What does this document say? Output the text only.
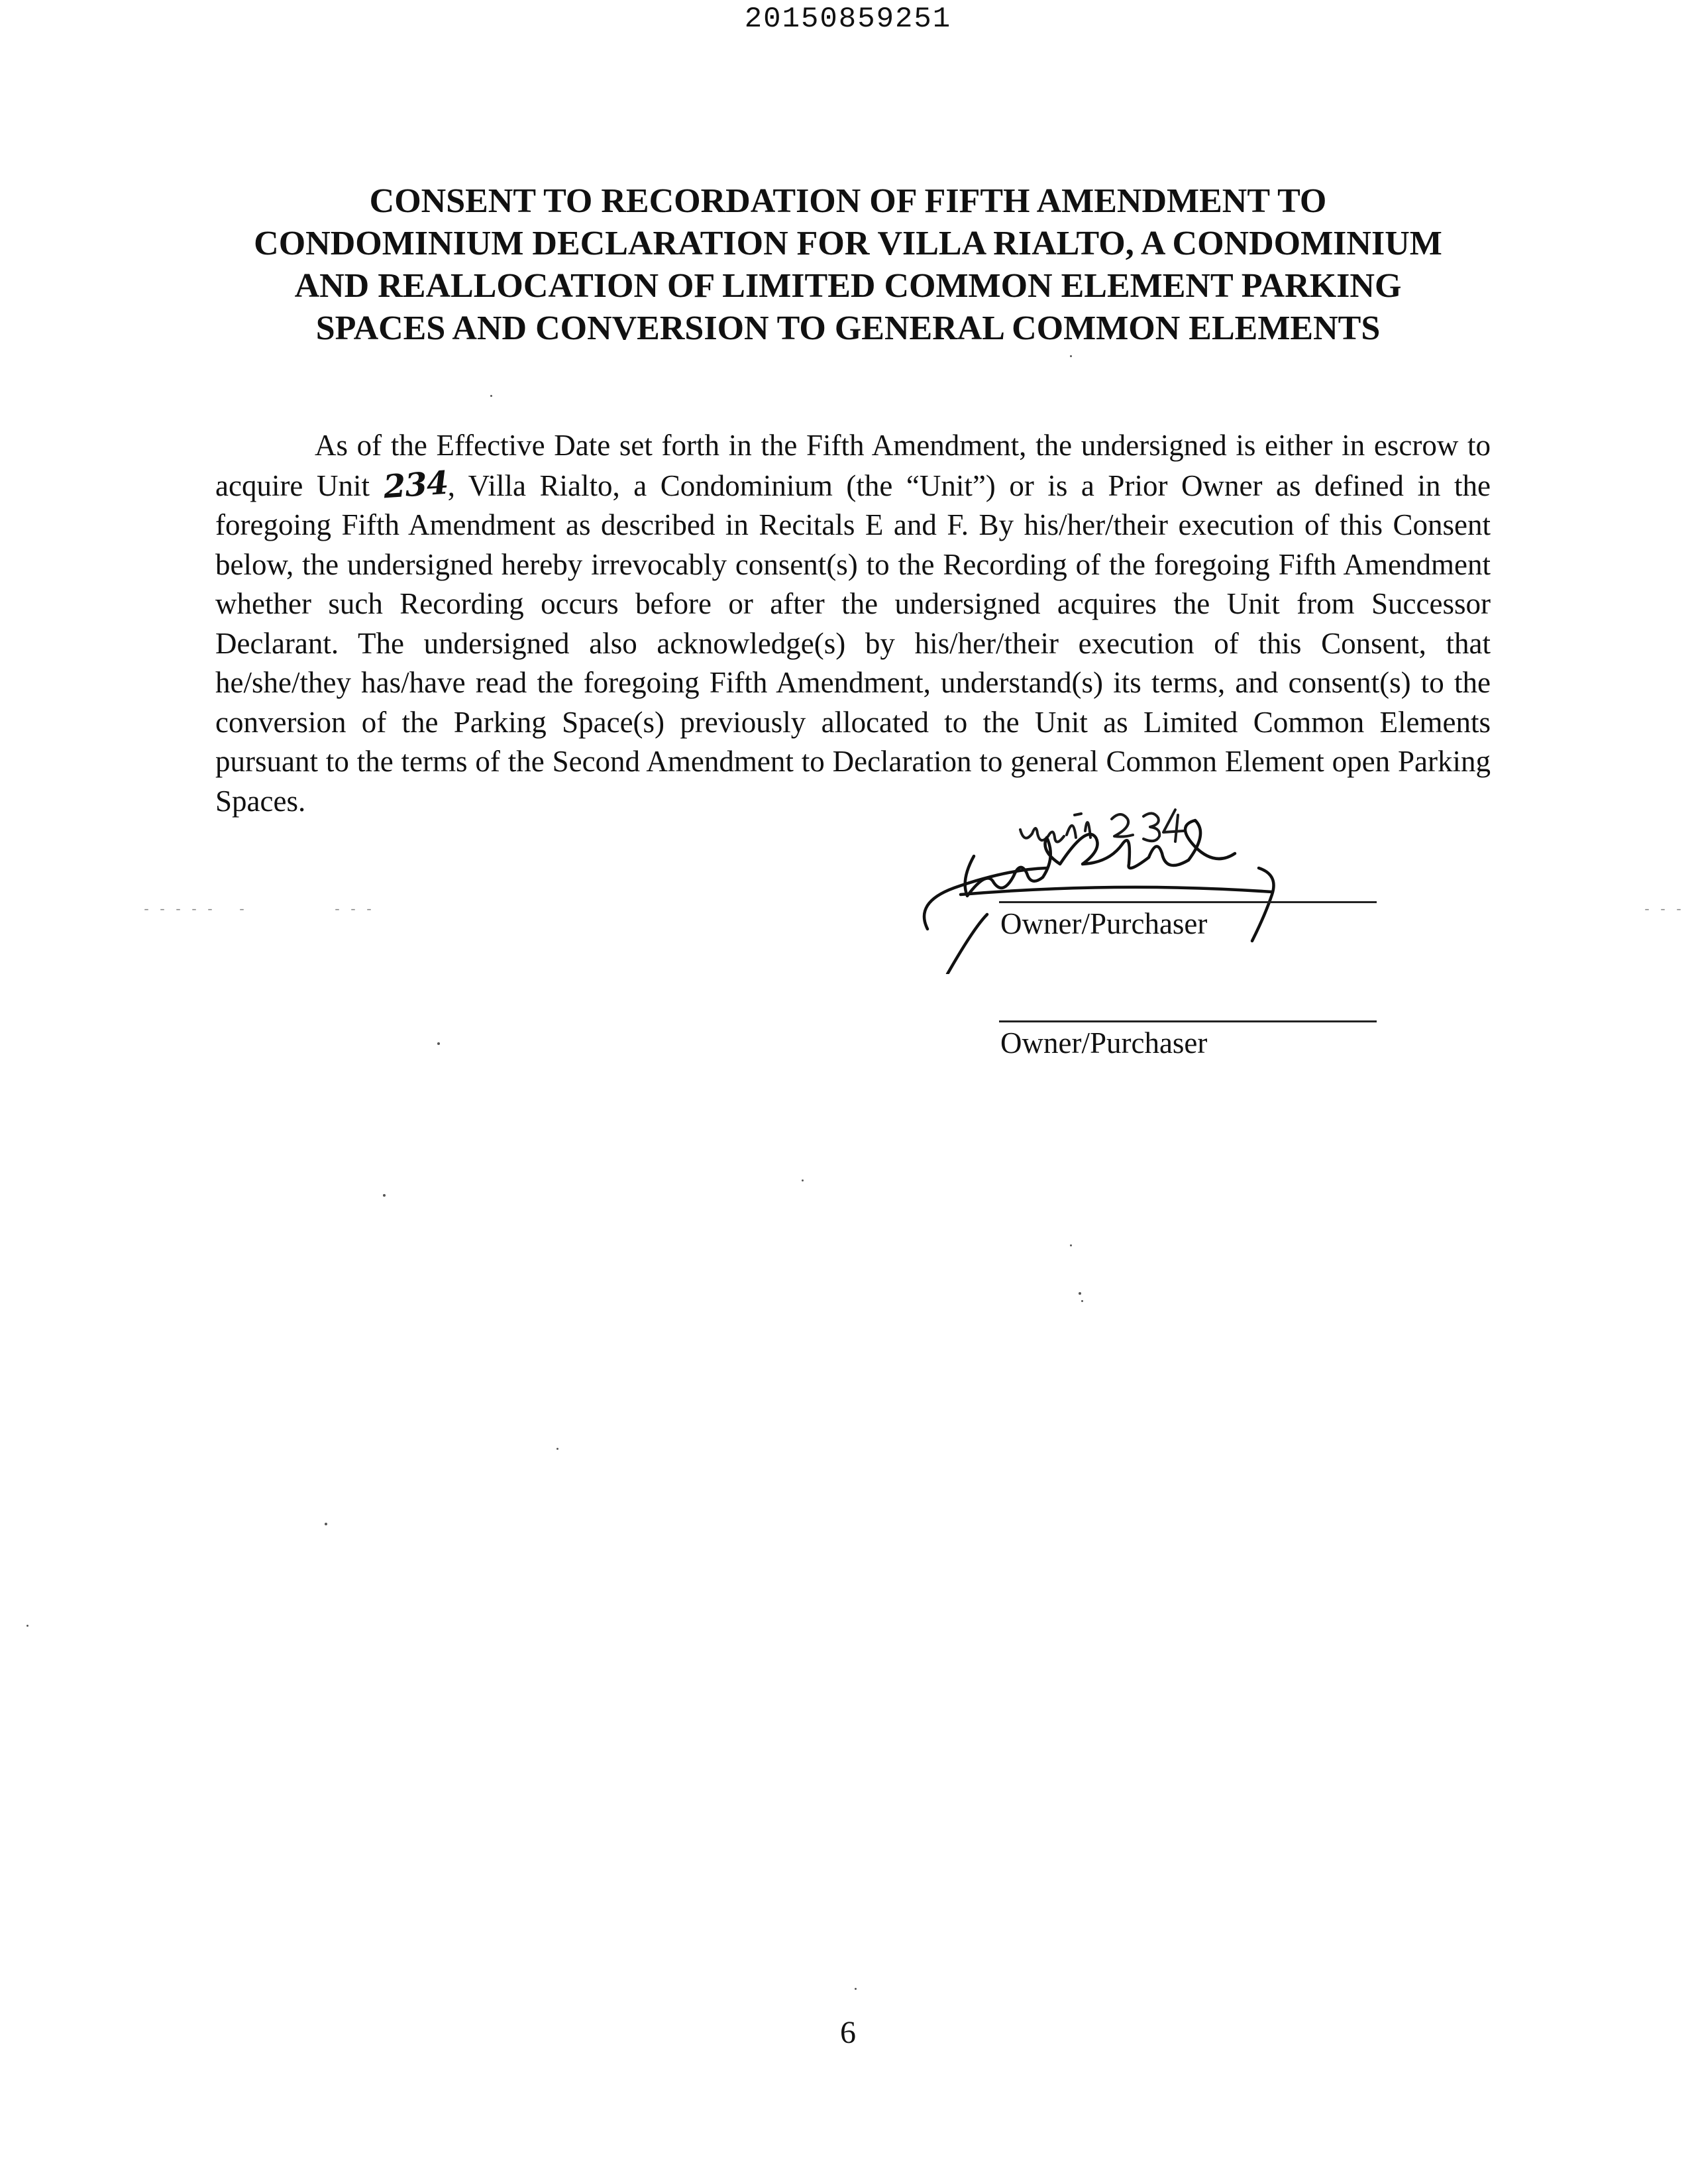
20150859251
CONSENT TO RECORDATION OF FIFTH AMENDMENT TO
CONDOMINIUM DECLARATION FOR VILLA RIALTO, A CONDOMINIUM
AND REALLOCATION OF LIMITED COMMON ELEMENT PARKING
SPACES AND CONVERSION TO GENERAL COMMON ELEMENTS

As of the Effective Date set forth in the Fifth Amendment, the undersigned is either in escrow to acquire Unit 234, Villa Rialto, a Condominium (the “Unit”) or is a Prior Owner as defined in the foregoing Fifth Amendment as described in Recitals E and F. By his/her/their execution of this Consent below, the undersigned hereby irrevocably consent(s) to the Recording of the foregoing Fifth Amendment whether such Recording occurs before or after the undersigned acquires the Unit from Successor Declarant. The undersigned also acknowledge(s) by his/her/their execution of this Consent, that he/she/they has/have read the foregoing Fifth Amendment, understand(s) its terms, and consent(s) to the conversion of the Parking Space(s) previously allocated to the Unit as Limited Common Elements pursuant to the terms of the Second Amendment to Declaration to general Common Element open Parking Spaces.

Owner/Purchaser
Owner/Purchaser
- - - - -   -           - - -	- - -
6
